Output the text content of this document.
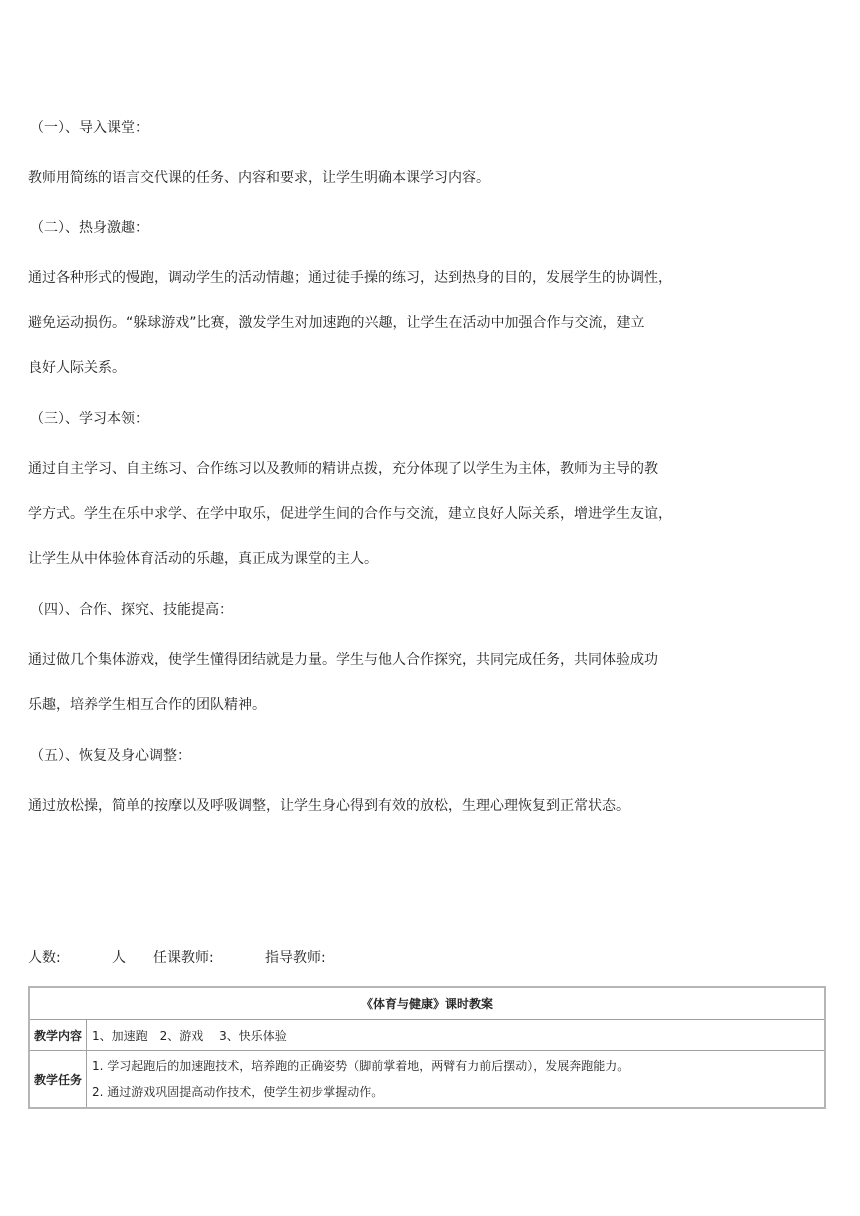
（一）、导入课堂：
教师用简练的语言交代课的任务、内容和要求，让学生明确本课学习内容。
（二）、热身激趣：
通过各种形式的慢跑，调动学生的活动情趣；通过徒手操的练习，达到热身的目的，发展学生的协调性，
避免运动损伤。“躲球游戏”比赛，激发学生对加速跑的兴趣，让学生在活动中加强合作与交流，建立
良好人际关系。
（三）、学习本领：
通过自主学习、自主练习、合作练习以及教师的精讲点拨，充分体现了以学生为主体，教师为主导的教
学方式。学生在乐中求学、在学中取乐，促进学生间的合作与交流，建立良好人际关系，增进学生友谊，
让学生从中体验体育活动的乐趣，真正成为课堂的主人。
（四）、合作、探究、技能提高：
通过做几个集体游戏，使学生懂得团结就是力量。学生与他人合作探究，共同完成任务，共同体验成功
乐趣，培养学生相互合作的团队精神。
（五）、恢复及身心调整：
通过放松操，简单的按摩以及呼吸调整，让学生身心得到有效的放松，生理心理恢复到正常状态。
人数:	人 任课教师:	指导教师:
《体育与健康》课时教案	
教学内容	1、加速跑　2、游戏　 3、快乐体验
教学任务	1. 学习起跑后的加速跑技术，培养跑的正确姿势（脚前掌着地，两臂有力前后摆动），发展奔跑能力。
2. 通过游戏巩固提高动作技术，使学生初步掌握动作。
